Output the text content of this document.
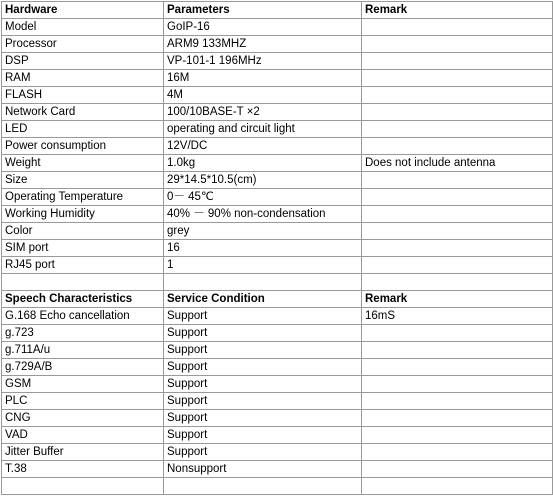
Hardware	Parameters	Remark
Model	GoIP-16	
Processor	ARM9 133MHZ	
DSP	VP-101-1 196MHz	
RAM	16M	
FLASH	4M	
Network Card	100/10BASE-T ×2	
LED	operating and circuit light	
Power consumption	12V/DC	
Weight	1.0kg	Does not include antenna
Size	29*14.5*10.5(cm)	
Operating Temperature	0－ 45℃	
Working Humidity	40% － 90% non-condensation	
Color	grey	
SIM port	16	
RJ45 port	1	

Speech Characteristics	Service Condition	Remark
G.168 Echo cancellation	Support	16mS
g.723	Support	
g.711A/u	Support	
g.729A/B	Support	
GSM	Support	
PLC	Support	
CNG	Support	
VAD	Support	
Jitter Buffer	Support	
T.38	Nonsupport	
